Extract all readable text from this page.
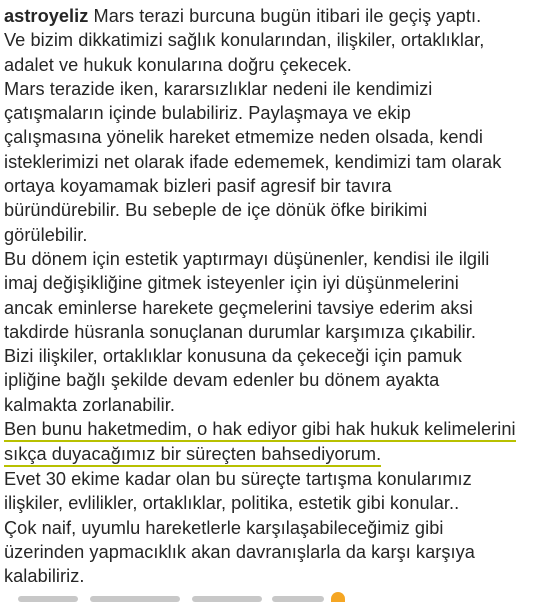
astroyeliz Mars terazi burcuna bugün itibari ile geçiş yaptı.
Ve bizim dikkatimizi sağlık konularından, ilişkiler, ortaklıklar,
adalet ve hukuk konularına doğru çekecek.
Mars terazide iken, kararsızlıklar nedeni ile kendimizi
çatışmaların içinde bulabiliriz. Paylaşmaya ve ekip
çalışmasına yönelik hareket etmemize neden olsada, kendi
isteklerimizi net olarak ifade edememek, kendimizi tam olarak
ortaya koyamamak bizleri pasif agresif bir tavıra
büründürebilir. Bu sebeple de içe dönük öfke birikimi
görülebilir.
Bu dönem için estetik yaptırmayı düşünenler, kendisi ile ilgili
imaj değişikliğine gitmek isteyenler için iyi düşünmelerini
ancak eminlerse harekete geçmelerini tavsiye ederim aksi
takdirde hüsranla sonuçlanan durumlar karşımıza çıkabilir.
Bizi ilişkiler, ortaklıklar konusuna da çekeceği için pamuk
ipliğine bağlı şekilde devam edenler bu dönem ayakta
kalmakta zorlanabilir.
Ben bunu haketmedim, o hak ediyor gibi hak hukuk kelimelerini
sıkça duyacağımız bir süreçten bahsediyorum.
Evet 30 ekime kadar olan bu süreçte tartışma konularımız
ilişkiler, evlilikler, ortaklıklar, politika, estetik gibi konular..
Çok naif, uyumlu hareketlerle karşılaşabileceğimiz gibi
üzerinden yapmacıklık akan davranışlarla da karşı karşıya
kalabiliriz.
